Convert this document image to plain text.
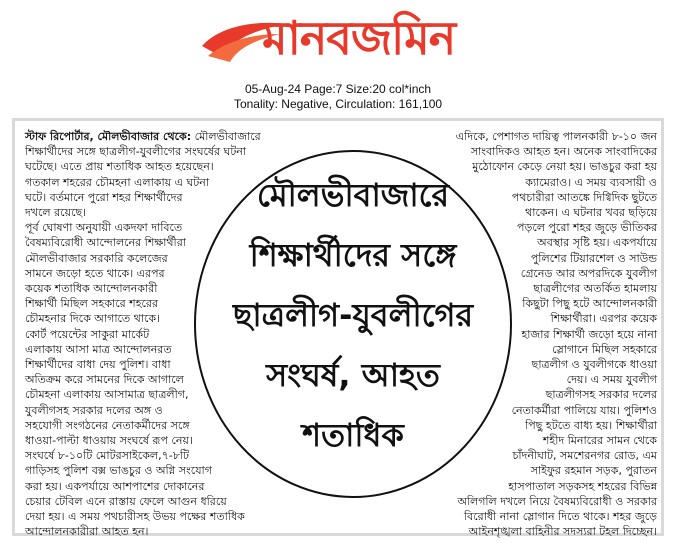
মানবজমিন
05-Aug-24 Page:7 Size:20 col*inch
Tonality: Negative, Circulation: 161,100

স্টাফ রিপোর্টার, মৌলভীবাজার থেকে: মৌলভীবাজারে

শিক্ষার্থীদের সঙ্গে ছাত্রলীগ-যুবলীগের সংঘর্ষের ঘটনা
ঘটেছে। এতে প্রায় শতাধিক আহত হয়েছেন।
গতকাল শহরের চৌমহনা এলাকায় এ ঘটনা
ঘটে। বর্তমানে পুরো শহর শিক্ষার্থীদের
দখলে রয়েছে।
পূর্ব ঘোষণা অনুযায়ী একদফা দাবিতে
বৈষম্যবিরোধী আন্দোলনের শিক্ষার্থীরা
মৌলভীবাজার সরকারি কলেজের
সামনে জড়ো হতে থাকে। এরপর
কয়েক শতাধিক আন্দোলনকারী
শিক্ষার্থী মিছিল সহকারে শহরের
চৌমহনার দিকে আগাতে থাকে।
কোর্ট পয়েন্টের সাকুরা মার্কেট
এলাকায় আসা মাত্র আন্দোলনরত
শিক্ষার্থীদের বাধা দেয় পুলিশ। বাধা
অতিক্রম করে সামনের দিকে আগালে
চৌমহনা এলাকায় আসামাত্র ছাত্রলীগ,
যুবলীগসহ সরকার দলের অঙ্গ ও
সহযোগী সংগঠনের নেতাকর্মীদের সঙ্গে
ধাওয়া-পাল্টা ধাওয়ায় সংঘর্ষে রূপ নেয়।
সংঘর্ষে ৮-১০টি মোটরসাইকেল,৭-৮টি
গাড়িসহ পুলিশ বক্স ভাঙচুর ও অগ্নি সংযোগ
করা হয়। একপর্যায়ে আশপাশের দোকানের
চেয়ার টেবিল এনে রাস্তায় ফেলে আগুন ধরিয়ে
দেয়া হয়। এ সময় পথচারীসহ উভয় পক্ষের শতাধিক
আন্দোলনকারীরা আহত হন।
মৌলভীবাজারে
শিক্ষার্থীদের সঙ্গে
ছাত্রলীগ-যুবলীগের
সংঘর্ষ, আহত
শতাধিক
এদিকে, পেশাগত দায়িত্ব পালনকারী ৮-১০ জন
সাংবাদিকও আহত হন। অনেক সাংবাদিকের
মুঠোফোন কেড়ে নেয়া হয়। ভাঙচুর করা হয়
ক্যামেরাও। এ সময় ব্যবসায়ী ও
পথচারীরা আতঙ্কে দিগ্বিদিক ছুটতে
থাকেন। এ ঘটনার খবর ছড়িয়ে
পড়লে পুরো শহর জুড়ে ভীতিকর
অবস্থার সৃষ্টি হয়। একপর্যায়ে
পুলিশের টিয়ারশেল ও সাউন্ড
গ্রেনেড আর অপরদিকে যুবলীগ
ছাত্রলীগের অতর্কিত হামলায়
কিছুটা পিছু হটে আন্দোলনকারী
শিক্ষার্থীরা। এরপর কয়েক
হাজার শিক্ষার্থী জড়ো হয়ে নানা
স্লোগানে মিছিল সহকারে
ছাত্রলীগ ও যুবলীগকে ধাওয়া
দেয়। এ সময় যুবলীগ
ছাত্রলীগসহ সরকার দলের
নেতাকর্মীরা পালিয়ে যায়। পুলিশও
পিছু হটতে বাধ্য হয়। শিক্ষার্থীরা
শহীদ মিনারের সামন থেকে
চাঁদনীঘাট, সমশেরনগর রোড, এম
সাইফুর রহমান সড়ক, পুরাতন
হাসপাতাল সড়কসহ শহরের বিভিন্ন
অলিগলি দখলে নিয়ে বৈষম্যবিরোধী ও সরকার
বিরোধী নানা স্লোগান দিতে থাকে। শহর জুড়ে
আইনশৃঙ্খলা বাহিনীর সদস্যরা টহল দিচ্ছেন।
